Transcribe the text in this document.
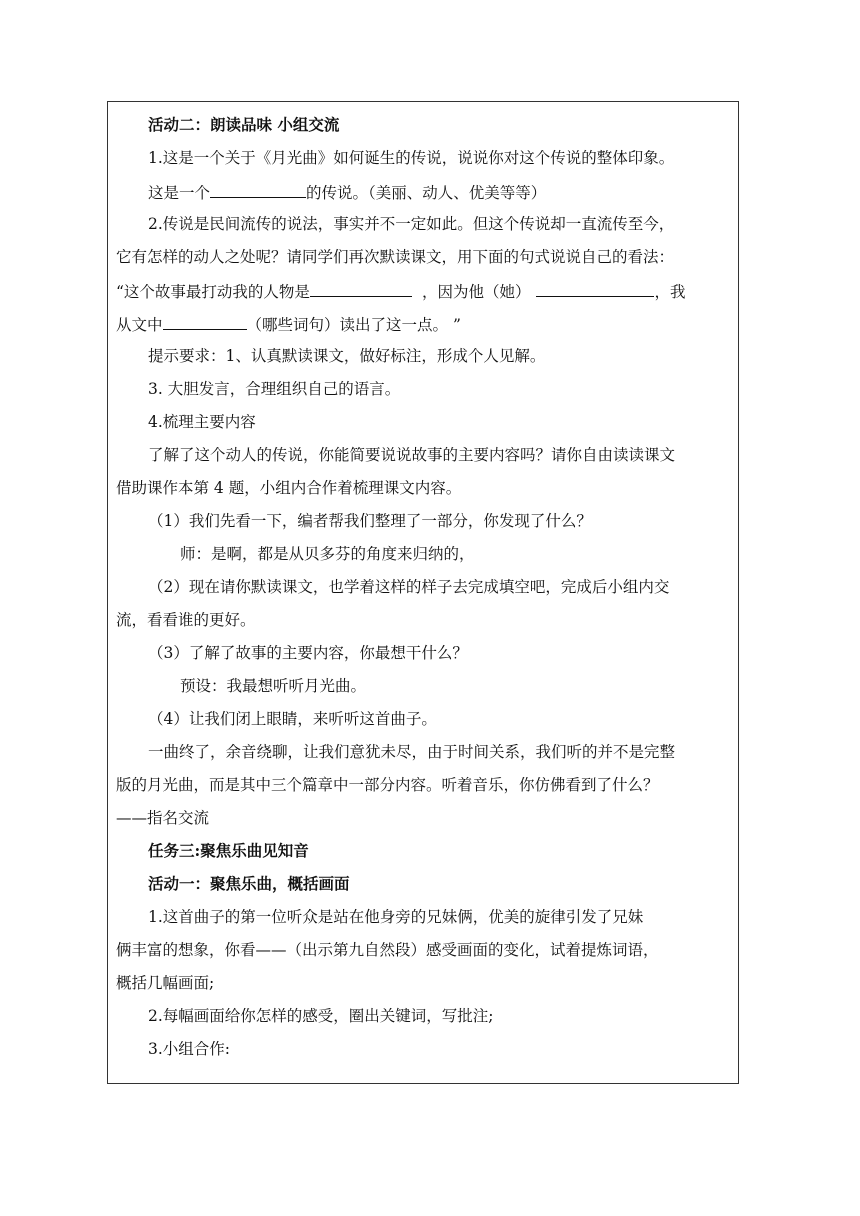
活动二：朗读品味 小组交流
1.这是一个关于《月光曲》如何诞生的传说，说说你对这个传说的整体印象。
这是一个	的传说。（美丽、动人、优美等等）
2.传说是民间流传的说法，事实并不一定如此。但这个传说却一直流传至今，
它有怎样的动人之处呢？请同学们再次默读课文，用下面的句式说说自己的看法：
“这个故事最打动我的人物是	，因为他（她）	，我
从文中	（哪些词句）读出了这一点。 ”
提示要求：1、认真默读课文，做好标注，形成个人见解。
3. 大胆发言，合理组织自己的语言。
4.梳理主要内容
了解了这个动人的传说，你能简要说说故事的主要内容吗？请你自由读读课文
借助课作本第 4 题，小组内合作着梳理课文内容。
（1）我们先看一下，编者帮我们整理了一部分，你发现了什么？
师：是啊，都是从贝多芬的角度来归纳的，
（2）现在请你默读课文，也学着这样的样子去完成填空吧，完成后小组内交
流，看看谁的更好。
（3）了解了故事的主要内容，你最想干什么？
预设：我最想听听月光曲。
（4）让我们闭上眼睛，来听听这首曲子。
一曲终了，余音绕聊，让我们意犹未尽，由于时间关系，我们听的并不是完整
版的月光曲，而是其中三个篇章中一部分内容。听着音乐，你仿佛看到了什么？
——指名交流
任务三:聚焦乐曲见知音
活动一：聚焦乐曲，概括画面
1.这首曲子的第一位听众是站在他身旁的兄妹俩，优美的旋律引发了兄妹
俩丰富的想象，你看——（出示第九自然段）感受画面的变化，试着提炼词语，
概括几幅画面;
2.每幅画面给你怎样的感受，圈出关键词，写批注;
3.小组合作:
